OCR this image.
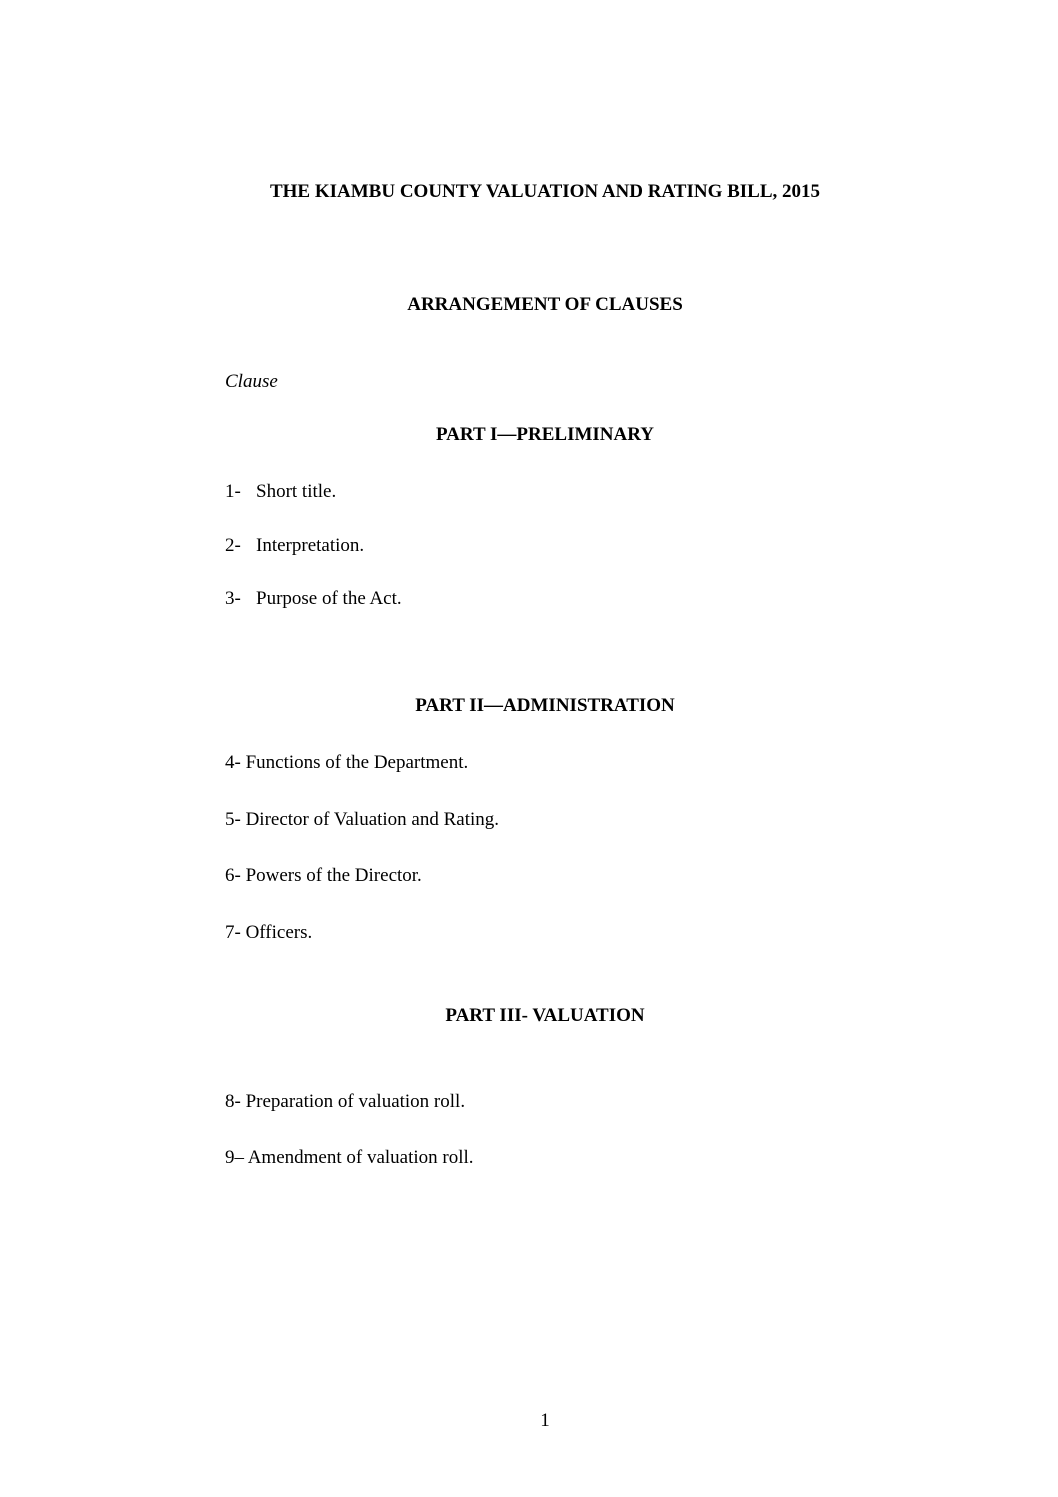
THE KIAMBU COUNTY VALUATION AND RATING BILL, 2015
ARRANGEMENT OF CLAUSES
Clause
PART I—PRELIMINARY
1- Short title.
2- Interpretation.
3- Purpose of the Act.
PART II—ADMINISTRATION
4- Functions of the Department.
5- Director of Valuation and Rating.
6- Powers of the Director.
7- Officers.
PART III- VALUATION
8- Preparation of valuation roll.
9– Amendment of valuation roll.
1
